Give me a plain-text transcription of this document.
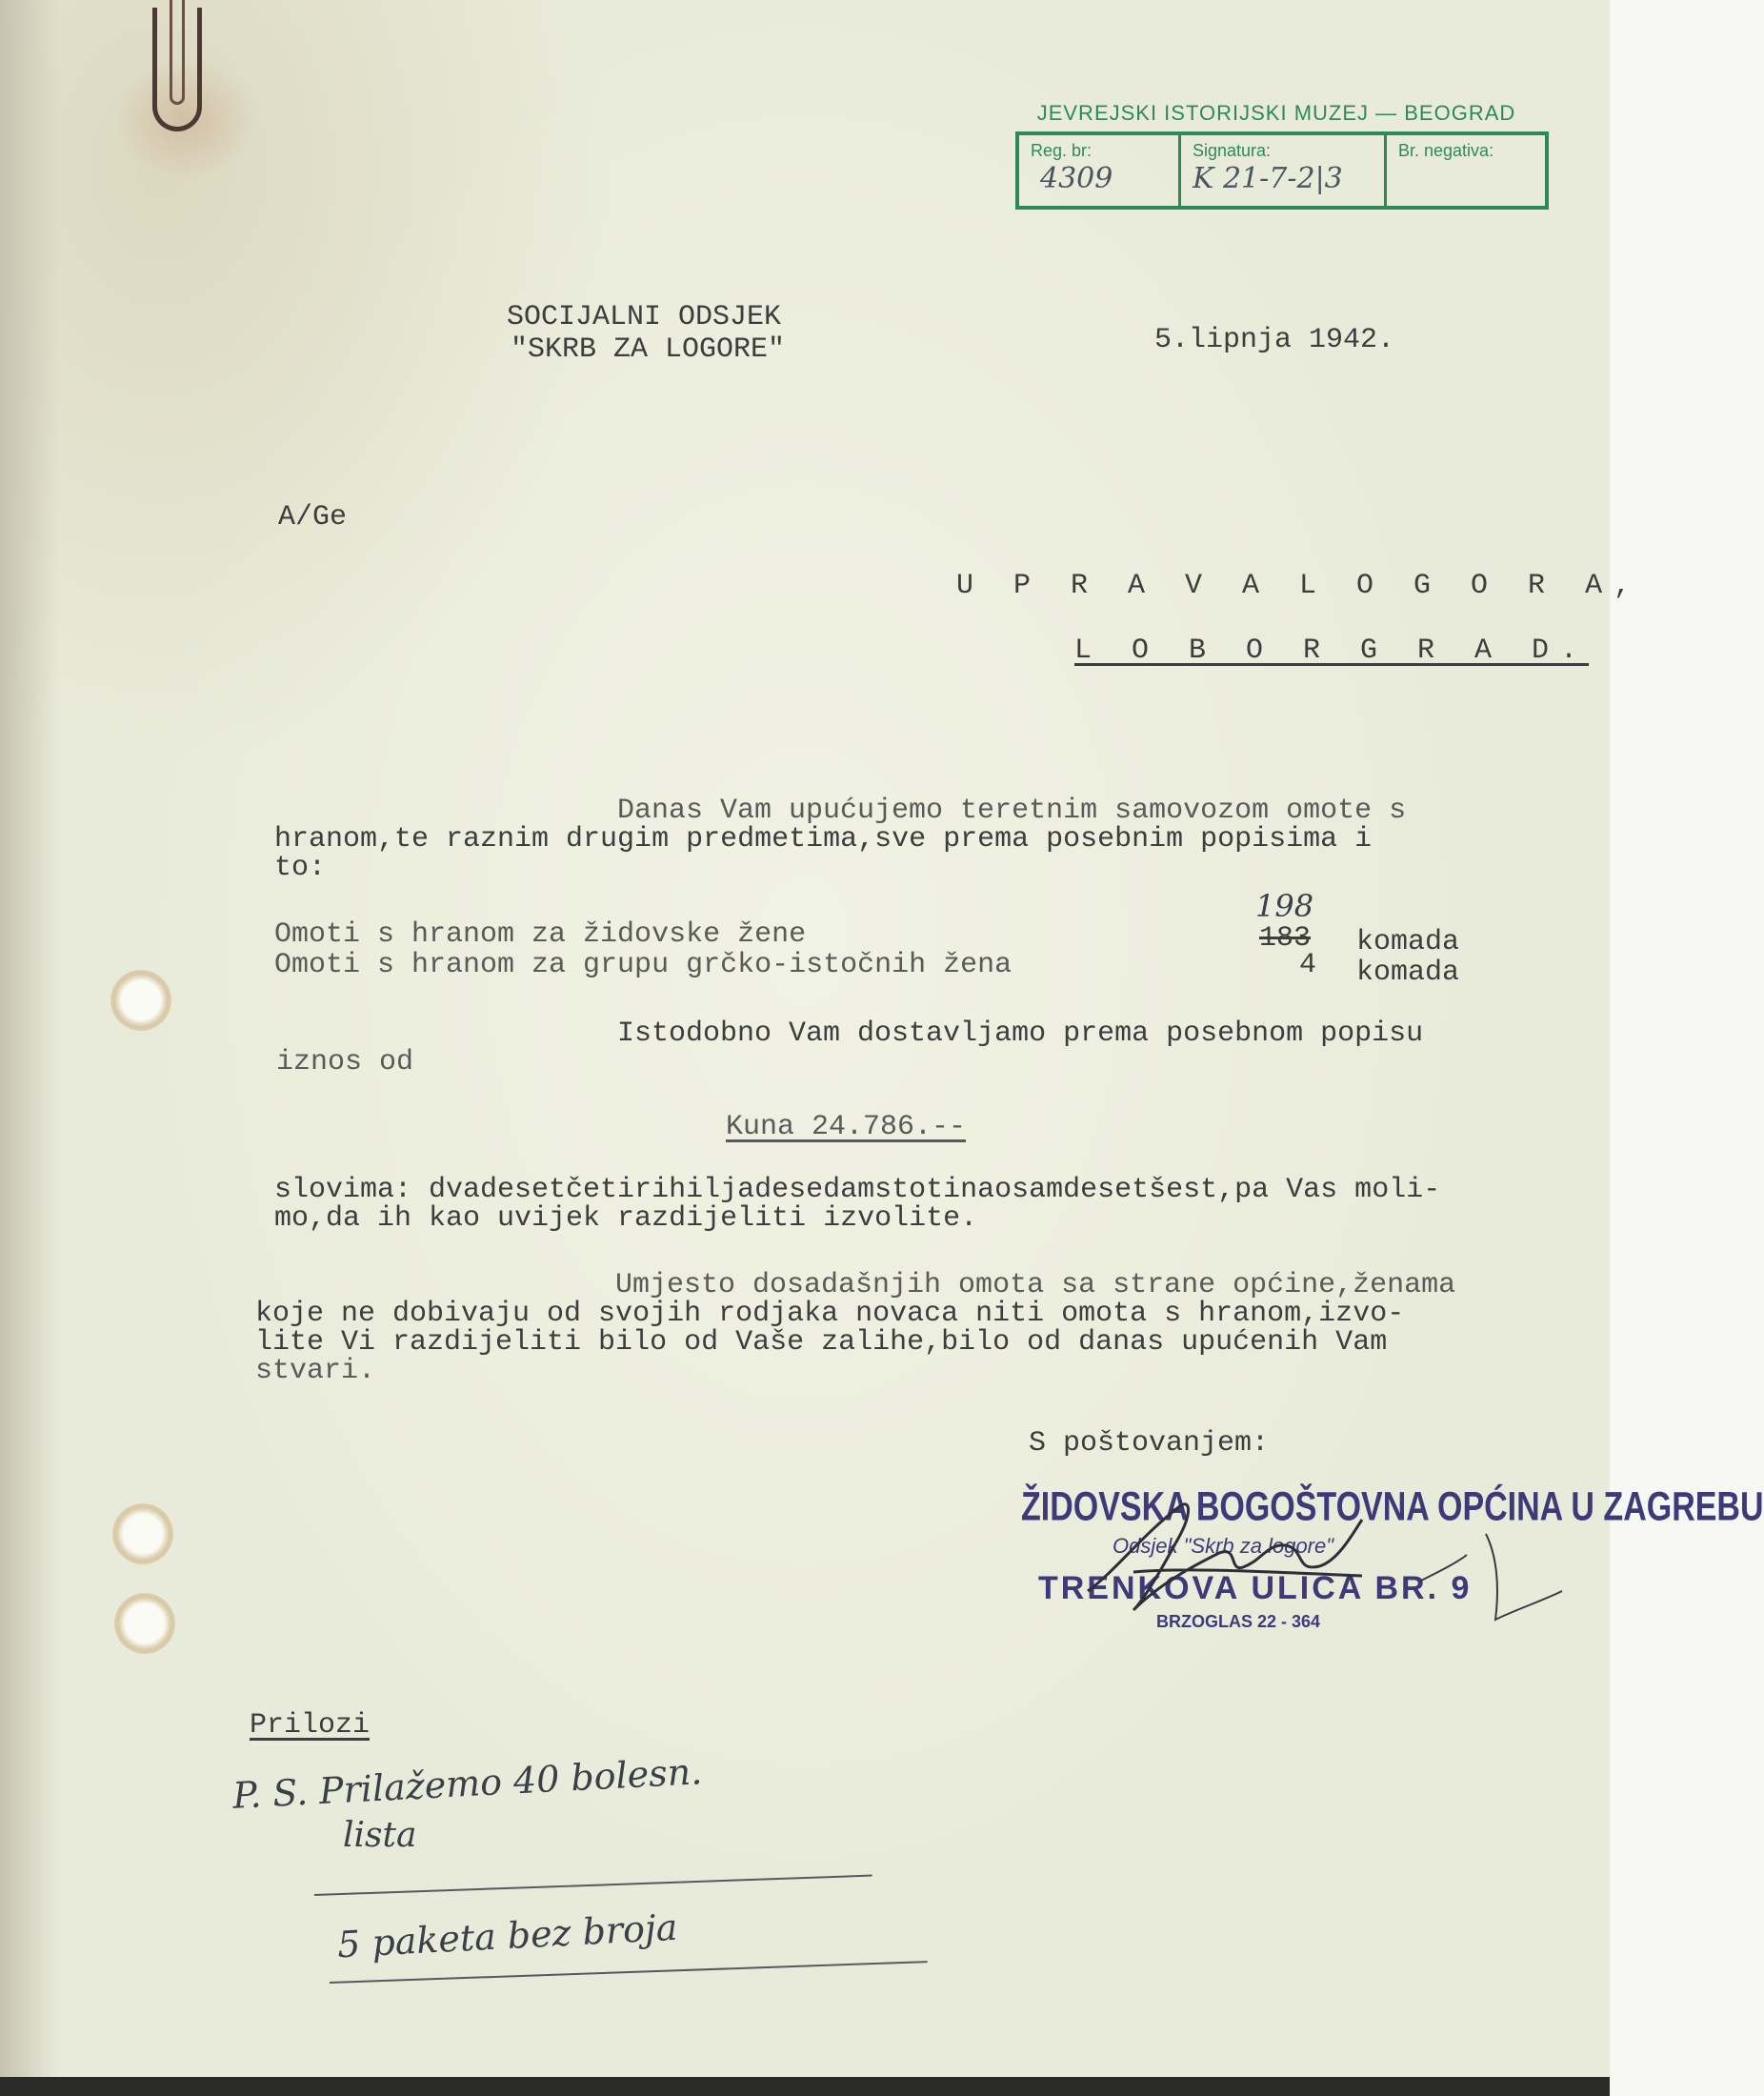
JEVREJSKI ISTORIJSKI MUZEJ — BEOGRAD
Reg. br:
4309
Signatura:
K 21-7-2|3
Br. negativa:
SOCIJALNI ODSJEK
"SKRB ZA LOGORE"	5.lipnja 1942.
A/Ge
U P R A V A L O G O R A,
L O B O R G R A D.
Danas Vam upućujemo teretnim samovozom omote s
hranom,te raznim drugim predmetima,sve prema posebnim popisima i
to:
Omoti s hranom za židovske žene
198
183 komada
Omoti s hranom za grupu grčko-istočnih žena	4 komada
Istodobno Vam dostavljamo prema posebnom popisu
iznos od
Kuna 24.786.--
slovima: dvadesetčetirihiljadesedamstotinaosamdesetšest,pa Vas moli-
mo,da ih kao uvijek razdijeliti izvolite.
Umjesto dosadašnjih omota sa strane općine,ženama
koje ne dobivaju od svojih rodjaka novaca niti omota s hranom,izvo-
lite Vi razdijeliti bilo od Vaše zalihe,bilo od danas upućenih Vam
stvari.
S poštovanjem:
ŽIDOVSKA BOGOŠTOVNA OPĆINA U ZAGREBU
Odsjek "Skrb za logore"
TRENKOVA ULICA BR. 9
BRZOGLAS 22 - 364
Prilozi
P. S. Prilažemo 40 bolesn.
lista
5 paketa bez broja
